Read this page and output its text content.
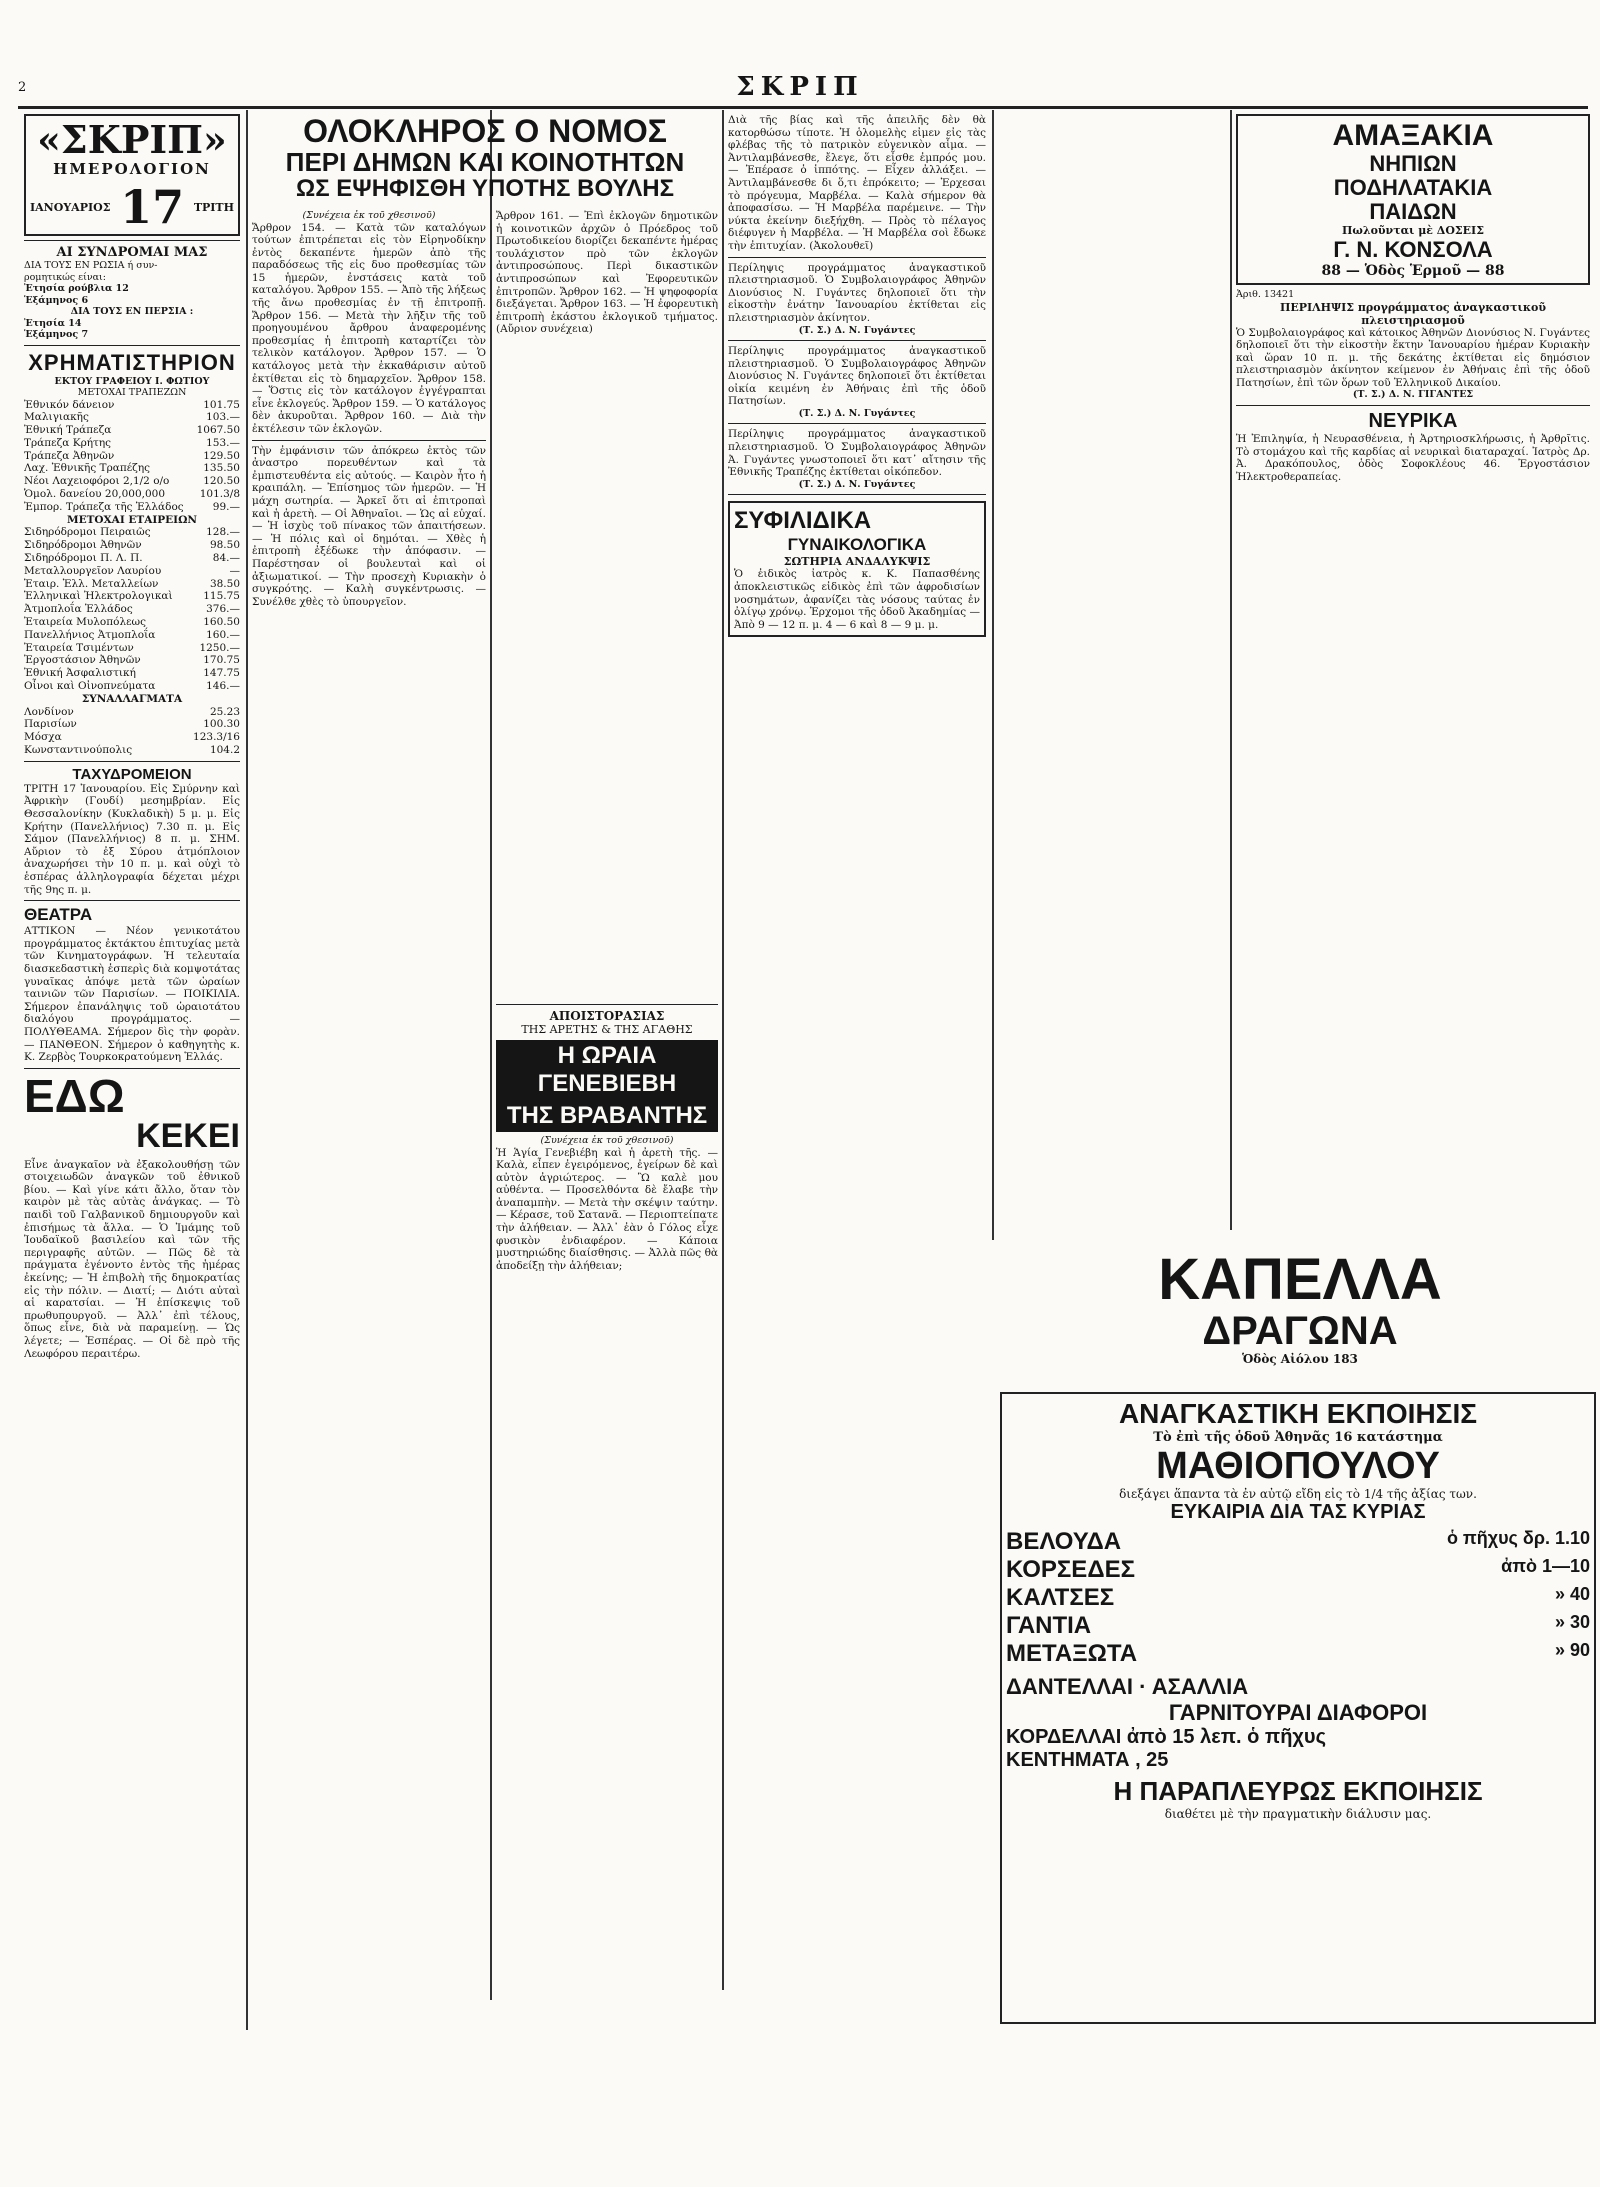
ΣΚΡΙΠ
2
«ΣΚΡΙΠ»
ΗΜΕΡΟΛΟΓΙΟΝ
ΙΑΝΟΥΑΡΙΟΣ 17 ΤΡΙΤΗ
ΑΙ ΣΥΝΔΡΟΜΑΙ ΜΑΣ
ΔΙΑ ΤΟΥΣ ΕΝ ΡΩΣΙΑ ή συν-
ρομητικώς είναι:
Ἐτησία ρούβλια 12
Ἑξάμηνος 6
ΔΙΑ ΤΟΥΣ ΕΝ ΠΕΡΣΙΑ :
Ἐτησία 14
Ἑξάμηνος 7
ΧΡΗΜΑΤΙΣΤΗΡΙΟΝ
ΕΚΤΟΥ ΓΡΑΦΕΙΟΥ Ι. ΦΩΤΙΟΥ
ΜΕΤΟΧΑΙ ΤΡΑΠΕΖΩΝ
Ἐθνικόν δάνειον	101.75
Μαλιγιακῆς	103.—
Ἐθνική Τράπεζα	1067.50
Τράπεζα Κρήτης	153.—
Τράπεζα Ἀθηνῶν	129.50
Λαχ. Ἐθνικῆς Τραπέζης	135.50
Νέοι Λαχειοφόροι 2,1/2 ο/ο	120.50
Ὁμολ. δανείου 20,000,000	101.3/8
Ἐμπορ. Τράπεζα τῆς Ἑλλάδος	99.—
ΜΕΤΟΧΑΙ ΕΤΑΙΡΕΙΩΝ
Σιδηρόδρομοι Πειραιῶς	128.—
Σιδηρόδρομοι Ἀθηνῶν	98.50
Σιδηρόδρομοι Π. Λ. Π.	84.—
Μεταλλουργεῖον Λαυρίου	—
Ἑταιρ. Ἑλλ. Μεταλλείων	38.50
Ἑλληνικαὶ Ἠλεκτρολογικαὶ	115.75
Ἀτμοπλοΐα Ἑλλάδος	376.—
Ἐταιρεία Μυλοπόλεως	160.50
Πανελλήνιος Ἀτμοπλοΐα	160.—
Ἐταιρεία Τσιμέντων	1250.—
Ἐργοστάσιον Ἀθηνῶν	170.75
Ἐθνική Ἀσφαλιστική	147.75
Οἶνοι καὶ Οἰνοπνεύματα	146.—
ΣΥΝΑΛΛΑΓΜΑΤΑ
Λονδίνον	25.23
Παρισίων	100.30
Μόσχα	123.3/16
Κωνσταντινούπολις	104.2
ΤΑΧΥΔΡΟΜΕΙΟΝ
ΤΡΙΤΗ 17 Ἰανουαρίου. Εἰς Σμύρνην καὶ Ἀφρικὴν (Γουδί) μεσημβρίαν. Εἰς Θεσσαλονίκην (Κυκλαδικὴ) 5 μ. μ. Εἰς Κρήτην (Πανελλήνιος) 7.30 π. μ. Εἰς Σάμον (Πανελλήνιος) 8 π. μ. ΣΗΜ. Αὔριον τὸ ἐξ Σύρου ἀτμόπλοιον ἀναχωρήσει τὴν 10 π. μ. καὶ οὐχὶ τὸ ἑσπέρας ἀλληλογραφία δέχεται μέχρι τῆς 9ης π. μ.
ΘΕΑΤΡΑ
ΑΤΤΙΚΟΝ — Νέον γενικοτάτου προγράμματος ἐκτάκτου ἐπιτυχίας μετὰ τῶν Κινηματογράφων. Ἡ τελευταία διασκεδαστικὴ ἑσπερὶς διὰ κομψοτάτας γυναῖκας ἀπόψε μετὰ τῶν ὡραίων ταινιῶν τῶν Παρισίων. — ΠΟΙΚΙΛΙΑ. Σήμερον ἐπανάληψις τοῦ ὡραιοτάτου διαλόγου προγράμματος. — ΠΟΛΥΘΕΑΜΑ. Σήμερον δὶς τὴν φορὰν. — ΠΑΝΘΕΟΝ. Σήμερον ὁ καθηγητὴς κ. Κ. Ζερβὸς Τουρκοκρατούμενη Ἑλλάς.
ΕΔΩ
ΚΕΚΕΙ
Εἶνε ἀναγκαῖον νὰ ἐξακολουθήσῃ τῶν στοιχειωδῶν ἀναγκῶν τοῦ ἐθνικοῦ βίου. — Καὶ γίνε κάτι ἄλλο, ὅταν τὸν καιρὸν μὲ τὰς αὐτὰς ἀνάγκας. — Τὸ παιδὶ τοῦ Γαλβανικοῦ δημιουργοῦν καὶ ἐπισήμως τὰ ἄλλα. — Ὁ Ἰμάμης τοῦ Ἰουδαϊκοῦ βασιλείου καὶ τῶν τῆς περιγραφῆς αὐτῶν. — Πῶς δὲ τὰ πράγματα ἐγένοντο ἐντὸς τῆς ἡμέρας ἐκείνης; — Ἡ ἐπιβολὴ τῆς δημοκρατίας εἰς τὴν πόλιν. — Διατί; — Διότι αὐταὶ αἱ καρατσίαι. — Ἡ ἐπίσκεψις τοῦ πρωθυπουργοῦ. — Ἀλλ᾽ ἐπὶ τέλους, ὅπως εἶνε, διὰ νὰ παραμείνῃ. — Ὡς λέγετε; — Ἑσπέρας. — Οἱ δὲ πρὸ τῆς Λεωφόρου περαιτέρω.
ΟΛΟΚΛΗΡΟΣ Ο ΝΟΜΟΣ
ΠΕΡΙ ΔΗΜΩΝ ΚΑΙ ΚΟΙΝΟΤΗΤΩΝ
ΩΣ ΕΨΗΦΙΣΘΗ ΥΠΟΤΗΣ ΒΟΥΛΗΣ
(Συνέχεια ἐκ τοῦ χθεσινοῦ)
Ἄρθρον 154. — Κατὰ τῶν καταλόγων τούτων ἐπιτρέπεται εἰς τὸν Εἰρηνοδίκην ἐντὸς δεκαπέντε ἡμερῶν ἀπὸ τῆς παραδόσεως τῆς εἰς δυο προθεσμίας τῶν 15 ἡμερῶν, ἐνστάσεις κατὰ τοῦ καταλόγου. Ἄρθρον 155. — Ἀπὸ τῆς λήξεως τῆς ἄνω προθεσμίας ἐν τῇ ἐπιτροπῇ. Ἄρθρον 156. — Μετὰ τὴν λῆξιν τῆς τοῦ προηγουμένου ἄρθρου ἀναφερομένης προθεσμίας ἡ ἐπιτροπὴ καταρτίζει τὸν τελικὸν κατάλογον. Ἄρθρον 157. — Ὁ κατάλογος μετὰ τὴν ἐκκαθάρισιν αὐτοῦ ἐκτίθεται εἰς τὸ δημαρχεῖον. Ἄρθρον 158. — Ὅστις εἰς τὸν κατάλογον ἐγγέγραπται εἶνε ἐκλογεύς. Ἄρθρον 159. — Ὁ κατάλογος δὲν ἀκυροῦται. Ἄρθρον 160. — Διὰ τὴν ἐκτέλεσιν τῶν ἐκλογῶν.
Τὴν ἐμφάνισιν τῶν ἀπόκρεω ἐκτὸς τῶν ἀναστρο πορευθέντων καὶ τὰ ἐμπιστευθέντα εἰς αὐτούς. — Καιρὸν ἦτο ἡ κραιπάλη. — Ἐπίσημος τῶν ἡμερῶν. — Ἡ μάχη σωτηρία. — Ἀρκεῖ ὅτι αἱ ἐπιτροπαὶ καὶ ἡ ἀρετὴ. — Οἱ Ἀθηναῖοι. — Ὡς αἱ εὐχαί. — Ἡ ἰσχὺς τοῦ πίνακος τῶν ἀπαιτήσεων. — Ἡ πόλις καὶ οἱ δημόται. — Χθὲς ἡ ἐπιτροπὴ ἐξέδωκε τὴν ἀπόφασιν. — Παρέστησαν οἱ βουλευταὶ καὶ οἱ ἀξιωματικοί. — Τὴν προσεχὴ Κυριακὴν ὁ συγκρότης. — Καλὴ συγκέντρωσις. — Συνέλθε χθὲς τὸ ὑπουργεῖον.
Ἄρθρον 161. — Ἐπὶ ἐκλογῶν δημοτικῶν ἡ κοινοτικῶν ἀρχῶν ὁ Πρόεδρος τοῦ Πρωτοδικείου διορίζει δεκαπέντε ἡμέρας τουλάχιστον πρὸ τῶν ἐκλογῶν ἀντιπροσώπους. Περὶ δικαστικῶν ἀντιπροσώπων καὶ Ἐφορευτικῶν ἐπιτροπῶν. Ἄρθρον 162. — Ἡ ψηφοφορία διεξάγεται. Ἄρθρον 163. — Ἡ ἐφορευτικὴ ἐπιτροπὴ ἑκάστου ἐκλογικοῦ τμήματος. (Αὔριον συνέχεια)
ΑΠΟΙΣΤΟΡΑΣΙΑΣ
ΤΗΣ ΑΡΕΤΗΣ & ΤΗΣ ΑΓΑΘΗΣ
Η ΩΡΑΙΑ ΓΕΝΕΒΙΕΒΗ
ΤΗΣ ΒΡΑΒΑΝΤΗΣ
(Συνέχεια ἐκ τοῦ χθεσινοῦ)
Ἡ Ἁγία Γενεβιέβη καὶ ἡ ἀρετὴ τῆς. — Καλὰ, εἶπεν ἐγειρόμενος, ἐγείρων δὲ καὶ αὐτὸν ἀγριώτερος. — Ὢ καλὲ μου αὐθέντα. — Προσελθόντα δὲ ἔλαβε τὴν ἀναπαμπὴν. — Μετὰ τὴν σκέψιν ταύτην. — Κέρασε, τοῦ Σατανᾶ. — Περιοπτείπατε τὴν ἀλήθειαν. — Ἀλλ᾽ ἐὰν ὁ Γόλος εἶχε φυσικὸν ἐνδιαφέρον. — Κάποια μυστηριώδης διαίσθησις. — Ἀλλὰ πῶς θὰ ἀποδείξῃ τὴν ἀλήθειαν;
Διὰ τῆς βίας καὶ τῆς ἀπειλῆς δὲν θὰ κατορθώσω τίποτε. Ἡ ὁλομελὴς εἰμεν εἰς τὰς φλέβας τῆς τὸ πατρικὸν εὐγενικὸν αἷμα. — Ἀντιλαμβάνεσθε, ἔλεγε, ὅτι εἶσθε ἐμπρός μου. — Ἐπέρασε ὁ ἱππότης. — Εἶχεν ἀλλάξει. — Ἀντιλαμβάνεσθε δι ὅ,τι ἐπρόκειτο; — Ἐρχεσαι τὸ πρόγευμα, Μαρβέλα. — Καλὰ σήμερον θὰ ἀποφασίσω. — Ἡ Μαρβέλα παρέμεινε. — Τὴν νύκτα ἐκείνην διεξήχθη. — Πρὸς τὸ πέλαγος διέφυγεν ἡ Μαρβέλα. — Ἡ Μαρβέλα σοὶ ἔδωκε τὴν ἐπιτυχίαν. (Ἀκολουθεῖ)
Περίληψις προγράμματος ἀναγκαστικοῦ πλειστηριασμοῦ. Ὁ Συμβολαιογράφος Ἀθηνῶν Διονύσιος Ν. Γυγάντες δηλοποιεῖ ὅτι τὴν εἰκοστὴν ἐνάτην Ἰανουαρίου ἐκτίθεται εἰς πλειστηριασμὸν ἀκίνητον.
(Τ. Σ.) Δ. Ν. Γυγάντες
Περίληψις προγράμματος ἀναγκαστικοῦ πλειστηριασμοῦ. Ὁ Συμβολαιογράφος Ἀθηνῶν Διονύσιος Ν. Γυγάντες δηλοποιεῖ ὅτι ἐκτίθεται οἰκία κειμένη ἐν Ἀθήναις ἐπὶ τῆς ὁδοῦ Πατησίων.
(Τ. Σ.) Δ. Ν. Γυγάντες
Περίληψις προγράμματος ἀναγκαστικοῦ πλειστηριασμοῦ. Ὁ Συμβολαιογράφος Ἀθηνῶν Ἀ. Γυγάντες γνωστοποιεῖ ὅτι κατ᾽ αἴτησιν τῆς Ἐθνικῆς Τραπέζης ἐκτίθεται οἰκόπεδον.
(Τ. Σ.) Δ. Ν. Γυγάντες
ΣΥΦΙΛΙΔΙΚΑ
ΓΥΝΑΙΚΟΛΟΓΙΚΑ
ΣΩΤΗΡΙΑ ΑΝΔΑΛΥΚΨΙΣ
Ὁ ἐιδικὸς ἰατρὸς κ. Κ. Παπασθένης ἀποκλειστικῶς εἰδικὸς ἐπὶ τῶν ἀφροδισίων νοσημάτων, ἀφανίζει τὰς νόσους ταύτας ἐν ὀλίγῳ χρόνῳ. Ἐρχομοι τῆς ὁδοῦ Ἀκαδημίας — Ἀπὸ 9 — 12 π. μ. 4 — 6 καὶ 8 — 9 μ. μ.
ΑΜΑΞΑΚΙΑ
ΝΗΠΙΩΝ
ΠΟΔΗΛΑΤΑΚΙΑ
ΠΑΙΔΩΝ
Πωλοῦνται μὲ ΔΟΣΕΙΣ
Γ. Ν. ΚΟΝΣΟΛΑ
88 — Ὁδὸς Ἑρμοῦ — 88
Ἀριθ. 13421
ΠΕΡΙΛΗΨΙΣ προγράμματος ἀναγκαστικοῦ πλειστηριασμοῦ
Ὁ Συμβολαιογράφος καὶ κάτοικος Ἀθηνῶν Διονύσιος Ν. Γυγάντες δηλοποιεῖ ὅτι τὴν εἰκοστὴν ἕκτην Ἰανουαρίου ἡμέραν Κυριακὴν καὶ ὥραν 10 π. μ. τῆς δεκάτης ἐκτίθεται εἰς δημόσιον πλειστηριασμὸν ἀκίνητον κείμενον ἐν Ἀθήναις ἐπὶ τῆς ὁδοῦ Πατησίων, ἐπὶ τῶν ὅρων τοῦ Ἑλληνικοῦ Δικαίου.
(Τ. Σ.) Δ. Ν. ΓΙΓΑΝΤΕΣ
ΝΕΥΡΙΚΑ
Ἡ Ἐπιληψία, ἡ Νευρασθένεια, ἡ Ἀρτηριοσκλήρωσις, ἡ Ἀρθρῖτις. Τὸ στομάχου καὶ τῆς καρδίας αἱ νευρικαὶ διαταραχαί. Ἰατρὸς Δρ. Ἀ. Δρακόπουλος, ὁδὸς Σοφοκλέους 46. Ἐργοστάσιον Ἠλεκτροθεραπείας.
ΚΑΠΕΛΛΑ
ΔΡΑΓΩΝΑ
Ὁδὸς Αἰόλου 183
ΑΝΑΓΚΑΣΤΙΚΗ ΕΚΠΟΙΗΣΙΣ
Τὸ ἐπὶ τῆς ὁδοῦ Ἀθηνᾶς 16 κατάστημα
ΜΑΘΙΟΠΟΥΛΟΥ
διεξάγει ἅπαντα τὰ ἐν αὐτῷ εἴδη εἰς τὸ 1/4 τῆς ἀξίας των.
ΕΥΚΑΙΡΙΑ ΔΙΑ ΤΑΣ ΚΥΡΙΑΣ
ΒΕΛΟΥΔΑ	ὁ πῆχυς δρ. 1.10
ΚΟΡΣΕΔΕΣ	ἀπὸ 1—10
ΚΑΛΤΣΕΣ	» 40
ΓΑΝΤΙΑ	» 30
ΜΕΤΑΞΩΤΑ	» 90
ΔΑΝΤΕΛΛΑΙ · ΑΣΑΛΛΙΑ
ΓΑΡΝΙΤΟΥΡΑΙ ΔΙΑΦΟΡΟΙ
ΚΟΡΔΕΛΛΑΙ ἀπὸ 15 λεπ. ὁ πῆχυς
ΚΕΝΤΗΜΑΤΑ , 25
Η ΠΑΡΑΠΛΕΥΡΩΣ ΕΚΠΟΙΗΣΙΣ
διαθέτει μὲ τὴν πραγματικὴν διάλυσιν μας.
